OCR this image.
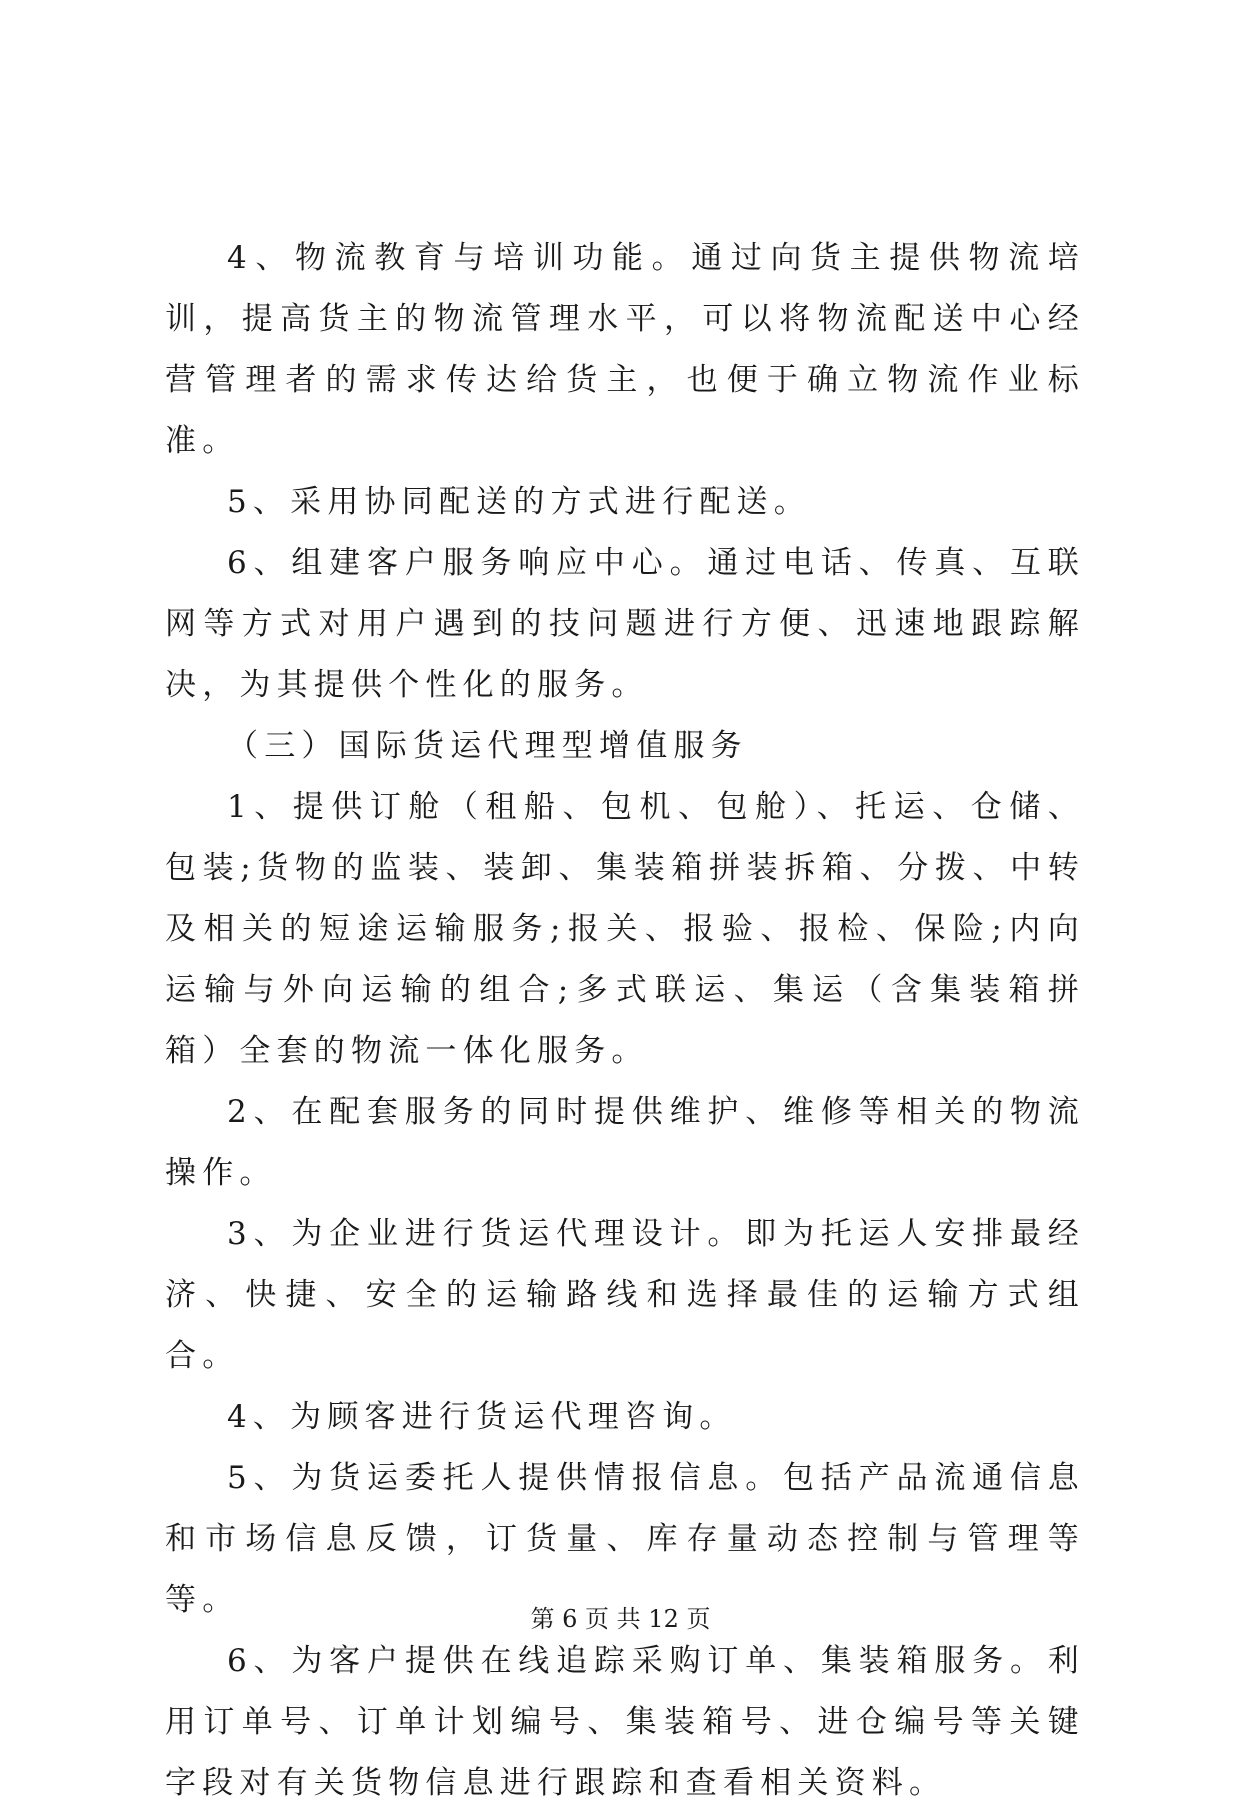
4、物流教育与培训功能。通过向货主提供物流培训，提高货主的物流管理水平，可以将物流配送中心经营管理者的需求传达给货主，也便于确立物流作业标准。

5、采用协同配送的方式进行配送。

6、组建客户服务响应中心。通过电话、传真、互联网等方式对用户遇到的技问题进行方便、迅速地跟踪解决，为其提供个性化的服务。

（三）国际货运代理型增值服务

1、提供订舱（租船、包机、包舱）、托运、仓储、包装;货物的监装、装卸、集装箱拼装拆箱、分拨、中转及相关的短途运输服务;报关、报验、报检、保险;内向运输与外向运输的组合;多式联运、集运（含集装箱拼箱）全套的物流一体化服务。

2、在配套服务的同时提供维护、维修等相关的物流操作。

3、为企业进行货运代理设计。即为托运人安排最经济、快捷、安全的运输路线和选择最佳的运输方式组合。

4、为顾客进行货运代理咨询。

5、为货运委托人提供情报信息。包括产品流通信息和市场信息反馈，订货量、库存量动态控制与管理等等。

6、为客户提供在线追踪采购订单、集装箱服务。利用订单号、订单计划编号、集装箱号、进仓编号等关键字段对有关货物信息进行跟踪和查看相关资料。

第 6 页 共 12 页
